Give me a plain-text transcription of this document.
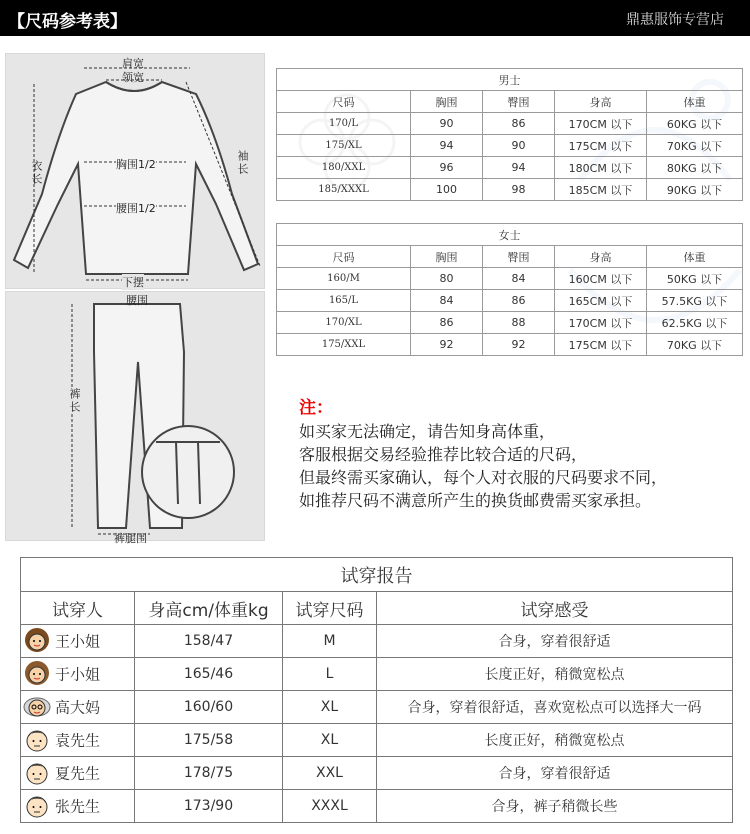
【尺码参考表】	鼎惠服饰专营店
肩宽
领宽
衣长	袖长
胸围1/2
腰围1/2
下摆
腰围
裤长
裤腿围
男士				
尺码	胸围	臀围	身高	体重
170/L	90	86	170CM 以下	60KG 以下
175/XL	94	90	175CM 以下	70KG 以下
180/XXL	96	94	180CM 以下	80KG 以下
185/XXXL	100	98	185CM 以下	90KG 以下
女士				
尺码	胸围	臀围	身高	体重
160/M	80	84	160CM 以下	50KG 以下
165/L	84	86	165CM 以下	57.5KG 以下
170/XL	86	88	170CM 以下	62.5KG 以下
175/XXL	92	92	175CM 以下	70KG 以下
注：
如买家无法确定，请告知身高体重，
客服根据交易经验推荐比较合适的尺码，
但最终需买家确认，每个人对衣服的尺码要求不同，
如推荐尺码不满意所产生的换货邮费需买家承担。
试穿报告			
试穿人	身高cm/体重kg	试穿尺码	试穿感受
王小姐	158/47	M	合身，穿着很舒适
于小姐	165/46	L	长度正好，稍微宽松点
高大妈	160/60	XL	合身，穿着很舒适，喜欢宽松点可以选择大一码
袁先生	175/58	XL	长度正好，稍微宽松点
夏先生	178/75	XXL	合身，穿着很舒适
张先生	173/90	XXXL	合身，裤子稍微长些
